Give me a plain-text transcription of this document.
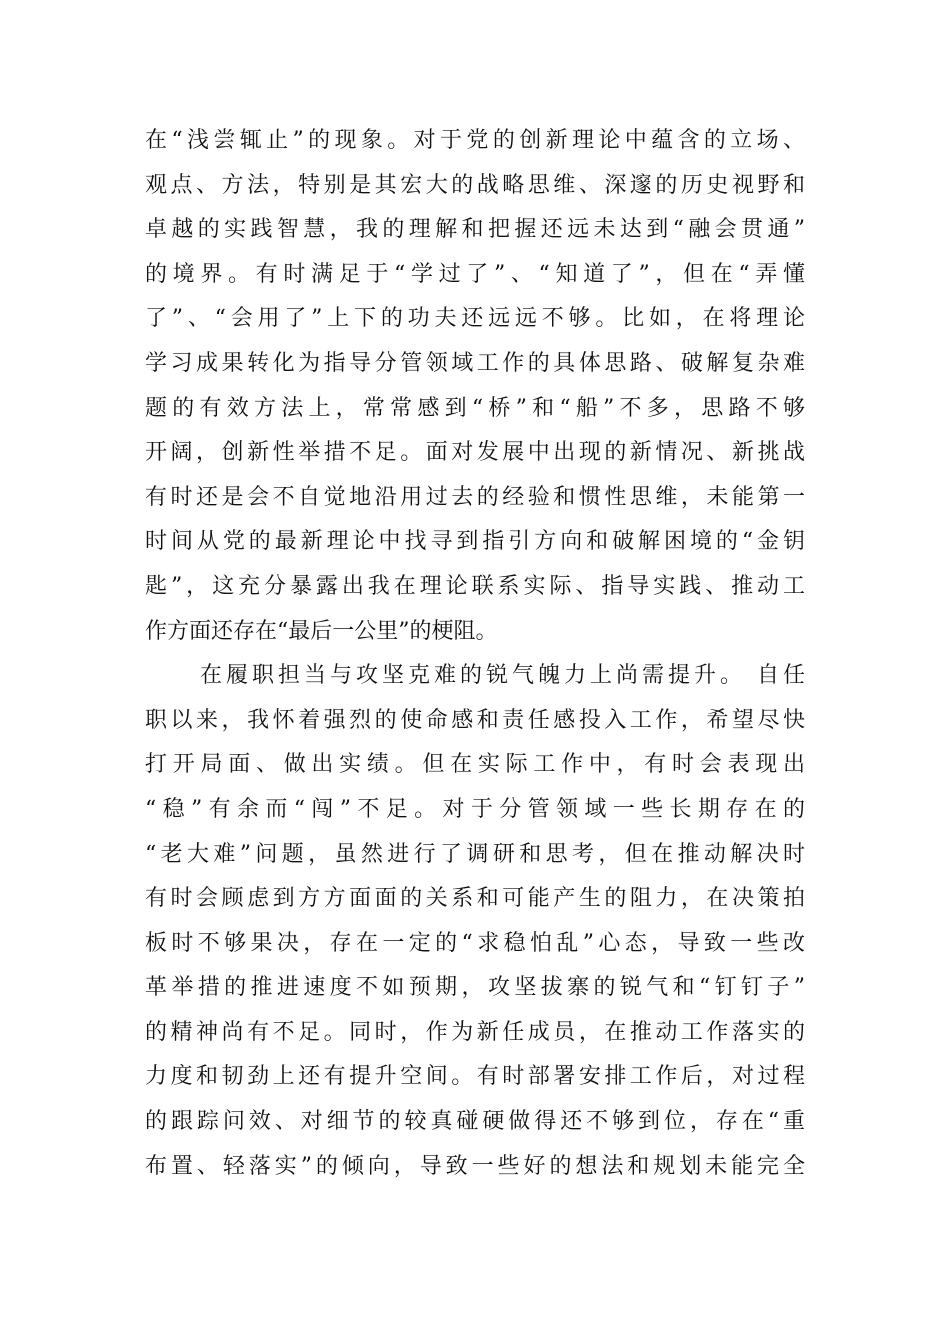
在“浅尝辄止”的现象。对于党的创新理论中蕴含的立场、
观点、方法，特别是其宏大的战略思维、深邃的历史视野和
卓越的实践智慧，我的理解和把握还远未达到“融会贯通”
的境界。有时满足于“学过了”、“知道了”，但在“弄懂
了”、“会用了”上下的功夫还远远不够。比如，在将理论
学习成果转化为指导分管领域工作的具体思路、破解复杂难
题的有效方法上，常常感到“桥”和“船”不多，思路不够
开阔，创新性举措不足。面对发展中出现的新情况、新挑战
有时还是会不自觉地沿用过去的经验和惯性思维，未能第一
时间从党的最新理论中找寻到指引方向和破解困境的“金钥
匙”，这充分暴露出我在理论联系实际、指导实践、推动工
作方面还存在“最后一公里”的梗阻。
在履职担当与攻坚克难的锐气魄力上尚需提升。 自任
职以来，我怀着强烈的使命感和责任感投入工作，希望尽快
打开局面、做出实绩。但在实际工作中，有时会表现出
“稳”有余而“闯”不足。对于分管领域一些长期存在的
“老大难”问题，虽然进行了调研和思考，但在推动解决时
有时会顾虑到方方面面的关系和可能产生的阻力，在决策拍
板时不够果决，存在一定的“求稳怕乱”心态，导致一些改
革举措的推进速度不如预期，攻坚拔寨的锐气和“钉钉子”
的精神尚有不足。同时，作为新任成员，在推动工作落实的
力度和韧劲上还有提升空间。有时部署安排工作后，对过程
的跟踪问效、对细节的较真碰硬做得还不够到位，存在“重
布置、轻落实”的倾向，导致一些好的想法和规划未能完全
